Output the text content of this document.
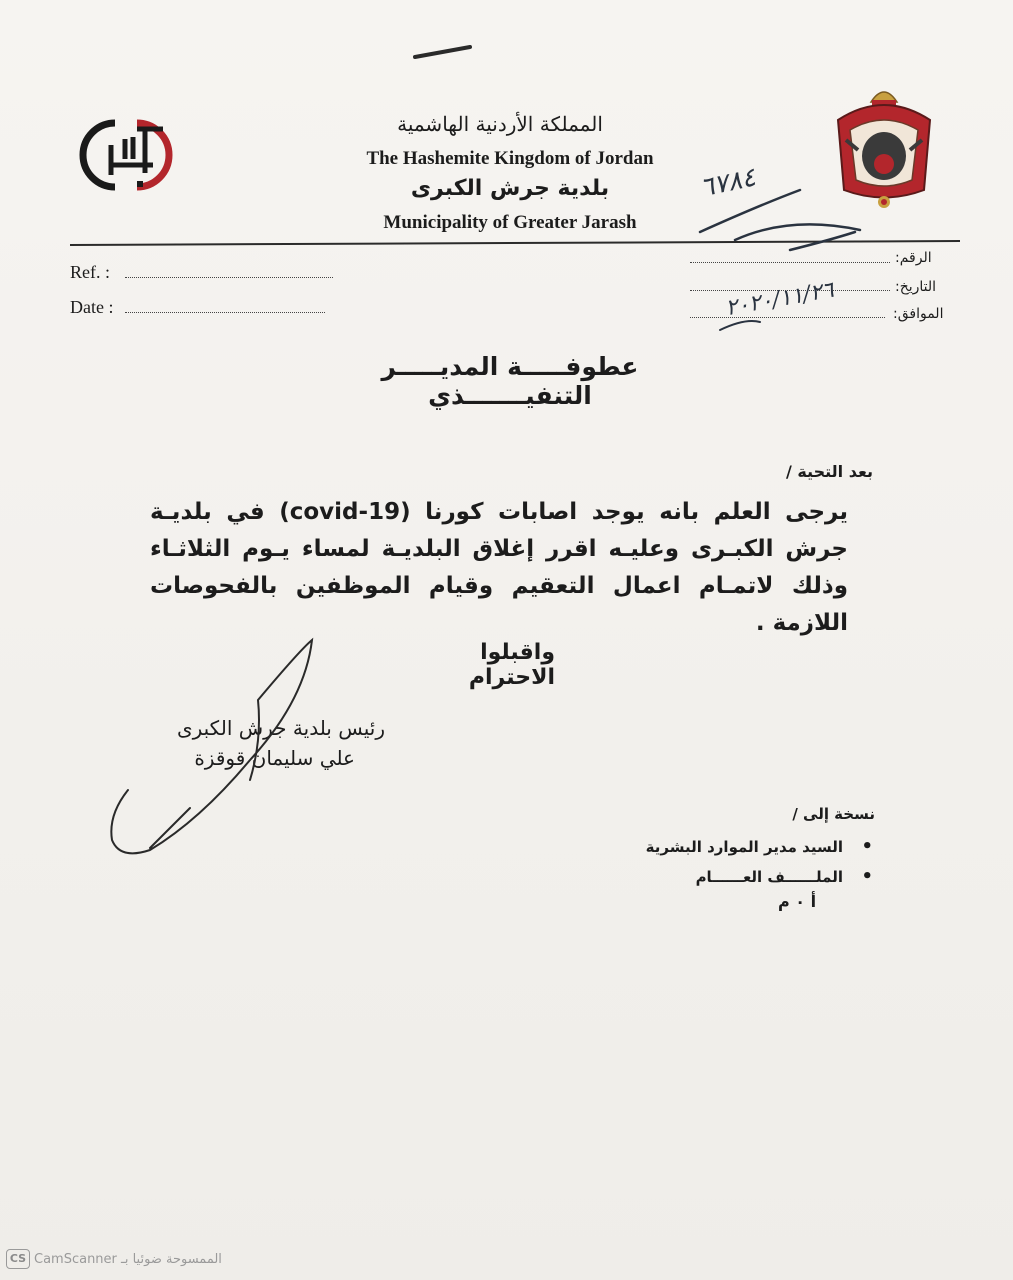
المملكة الأردنية الهاشمية
The Hashemite Kingdom of Jordan
بلدية جرش الكبرى
Municipality of Greater Jarash
Ref. :
Date :
الرقم:
التاريخ:
الموافق:
٦٧٨٤
٢٠٢٠/١١/٢٦
عطوفـــــة المديـــــر التنفيـــــــذي
بعد التحية /
يرجى العلم بانه يوجد اصابات كورنا (covid-19) في بلديـة جرش الكبـرى وعليـه اقرر إغلاق البلديـة لمساء يـوم الثلاثـاء وذلك لاتمـام اعمال التعقيم وقيام الموظفين بالفحوصات اللازمة .
واقبلوا الاحترام
رئيس بلدية جرش الكبرى
علي سليمان قوقزة
نسخة إلى /
السيد مدير الموارد البشرية •
الملــــــف العــــــام •
أ ٠ م
CS الممسوحة ضوئيا بـ CamScanner
